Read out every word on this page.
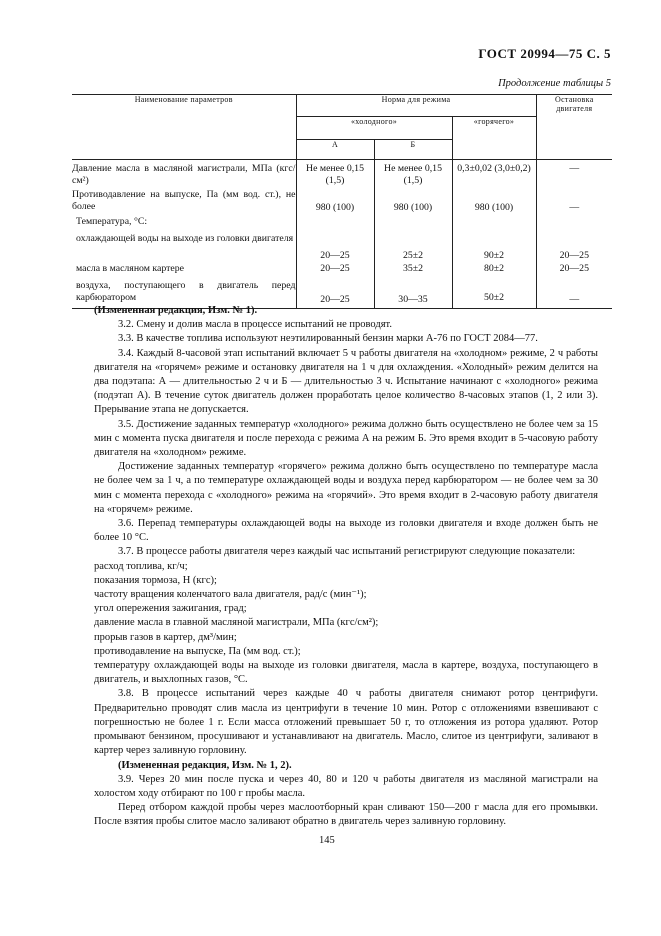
ГОСТ 20994—75 С. 5
Продолжение таблицы 5
Наименование параметров	Норма для режима			Остановка двигателя
	«холодного»		«горячего»	
	А	Б		
Давление масла в масляной магистрали, МПа (кгс/см²)	Не менее 0,15 (1,5)	Не менее 0,15 (1,5)	0,3±0,02 (3,0±0,2)	—
Противодавление на выпуске, Па (мм вод. ст.), не более	980 (100)	980 (100)	980 (100)	—
Температура, °С:				
охлаждающей воды на выходе из головки двигателя	20—25	25±2	90±2	20—25
масла в масляном картере	20—25	35±2	80±2	20—25
воздуха, поступающего в двигатель перед карбюратором	20—25	30—35	50±2	—

(Измененная редакция, Изм. № 1).

3.2. Смену и долив масла в процессе испытаний не проводят.

3.3. В качестве топлива используют неэтилированный бензин марки А-76 по ГОСТ 2084—77.

3.4. Каждый 8-часовой этап испытаний включает 5 ч работы двигателя на «холодном» режиме, 2 ч работы двигателя на «горячем» режиме и остановку двигателя на 1 ч для охлаждения. «Холодный» режим делится на два подэтапа: А — длительностью 2 ч и Б — длительностью 3 ч. Испытание начинают с «холодного» режима (подэтап А). В течение суток двигатель должен проработать целое количество 8-часовых этапов (1, 2 или 3). Прерывание этапа не допускается.

3.5. Достижение заданных температур «холодного» режима должно быть осуществлено не более чем за 15 мин с момента пуска двигателя и после перехода с режима А на режим Б. Это время входит в 5-часовую работу двигателя на «холодном» режиме.

Достижение заданных температур «горячего» режима должно быть осуществлено по температуре масла не более чем за 1 ч, а по температуре охлаждающей воды и воздуха перед карбюратором — не более чем за 30 мин с момента перехода с «холодного» режима на «горячий». Это время входит в 2-часовую работу двигателя на «горячем» режиме.

3.6. Перепад температуры охлаждающей воды на выходе из головки двигателя и входе должен быть не более 10 °С.

3.7. В процессе работы двигателя через каждый час испытаний регистрируют следующие показатели:

расход топлива, кг/ч;

показания тормоза, Н (кгс);

частоту вращения коленчатого вала двигателя, рад/с (мин⁻¹);

угол опережения зажигания, град;

давление масла в главной масляной магистрали, МПа (кгс/см²);

прорыв газов в картер, дм³/мин;

противодавление на выпуске, Па (мм вод. ст.);

температуру охлаждающей воды на выходе из головки двигателя, масла в картере, воздуха, поступающего в двигатель, и выхлопных газов, °С.

3.8. В процессе испытаний через каждые 40 ч работы двигателя снимают ротор центрифуги. Предварительно проводят слив масла из центрифуги в течение 10 мин. Ротор с отложениями взвешивают с погрешностью не более 1 г. Если масса отложений превышает 50 г, то отложения из ротора удаляют. Ротор промывают бензином, просушивают и устанавливают на двигатель. Масло, слитое из центрифуги, заливают в картер через заливную горловину.

(Измененная редакция, Изм. № 1, 2).

3.9. Через 20 мин после пуска и через 40, 80 и 120 ч работы двигателя из масляной магистрали на холостом ходу отбирают по 100 г пробы масла.

Перед отбором каждой пробы через маслоотборный кран сливают 150—200 г масла для его промывки. После взятия пробы слитое масло заливают обратно в двигатель через заливную горловину.

145
